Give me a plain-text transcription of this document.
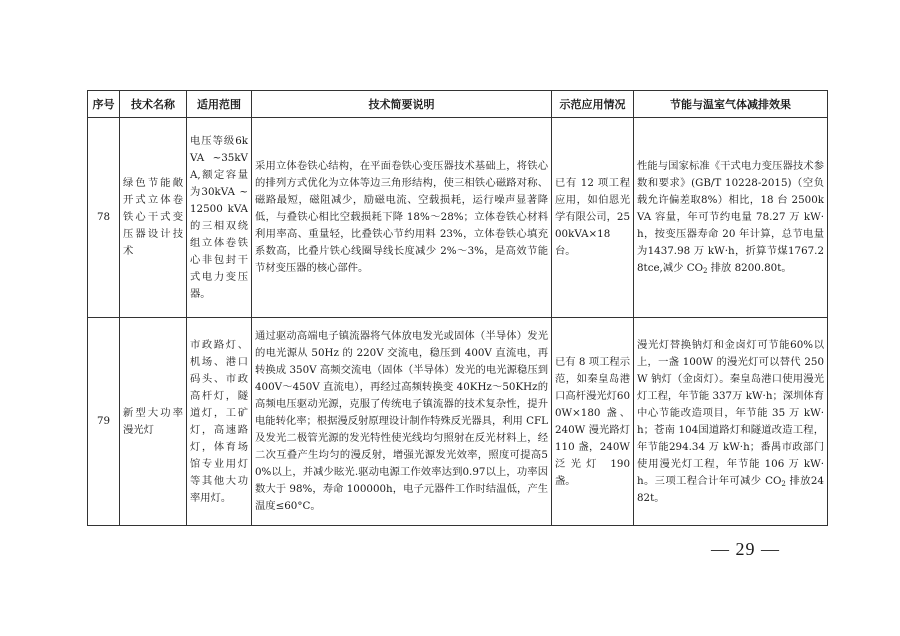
序号	技术名称	适用范围	技术简要说明	示范应用情况	节能与温室气体减排效果
78	绿色节能敞开式立体卷铁心干式变压器设计技术	电压等级6kVA ~35kVA,额定容量为30kVA ~12500 kVA的三相双绕组立体卷铁心非包封干式电力变压器。	采用立体卷铁心结构，在平面卷铁心变压器技术基础上，将铁心的排列方式优化为立体等边三角形结构，使三相铁心磁路对称、磁路最短，磁阻减少，励磁电流、空载损耗，运行噪声显著降低，与叠铁心相比空载损耗下降 18%～28%；立体卷铁心材料利用率高、重量轻，比叠铁心节约用料 23%，立体卷铁心填充系数高，比叠片铁心线圈导线长度减少 2%～3%，是高效节能节材变压器的核心部件。	已有 12 项工程应用，如伯恩光学有限公司，2500kVA×18 台。	性能与国家标准《干式电力变压器技术参数和要求》(GB/T 10228-2015)（空负载允许偏差取8%）相比，18 台 2500kVA 容量，年可节约电量 78.27 万 kW·h，按变压器寿命 20 年计算，总节电量为1437.98 万 kW·h，折算节煤1767.28tce,减少 $CO_2$ 排放 8200.80t。
79	新型大功率漫光灯	市政路灯、机场、港口码头、市政高杆灯，隧道灯，工矿灯，高速路灯，体育场馆专业用灯等其他大功率用灯。	通过驱动高端电子镇流器将气体放电发光或固体（半导体）发光的电光源从 50Hz 的 220V 交流电，稳压到 400V 直流电，再转换成 350V 高频交流电（固体（半导体）发光的电光源稳压到 400V～450V 直流电），再经过高频转换变 40KHz～50KHz的高频电压驱动光源，克服了传统电子镇流器的技术复杂性，提升电能转化率；根据漫反射原理设计制作特殊反光器具，利用 CFL 及发光二极管光源的发光特性使光线均匀照射在反光材料上，经二次互叠产生均匀的漫反射，增强光源发光效率，照度可提高50%以上，并减少眩光.驱动电源工作效率达到0.97以上，功率因数大于 98%，寿命 100000h，电子元器件工作时结温低，产生温度≤60°C。	已有 8 项工程示范，如秦皇岛港口高杆漫光灯600W×180 盏、240W 漫光路灯110 盏，240W 泛光灯 190 盏。	漫光灯替换钠灯和金卤灯可节能60%以上，一盏 100W 的漫光灯可以替代 250W 钠灯（金卤灯）。秦皇岛港口使用漫光灯工程，年节能 337万 kW·h；深圳体育中心节能改造项目，年节能 35 万 kW·h；苍南 104国道路灯和隧道改造工程，年节能294.34 万 kW·h；番禺市政部门使用漫光灯工程，年节能 106 万 kW·h。三项工程合计年可减少 $CO_2$ 排放2482t。
— 29 —
